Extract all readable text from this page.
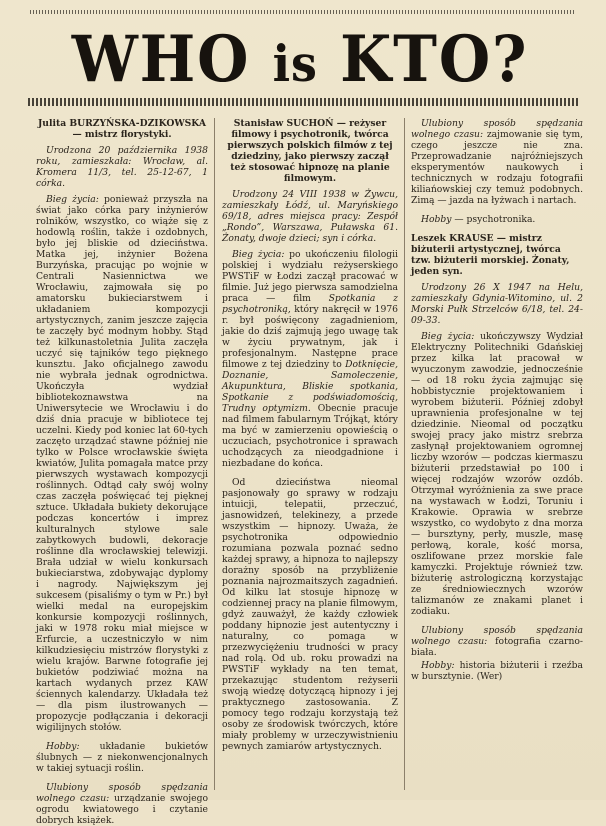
WHO is KTO?

Julita BURZYŃSKA-DZIKOWSKA — mistrz florystyki.

Urodzona 20 października 1938 roku, zamieszkała: Wrocław, al. Kromera 11/3, tel. 25-12-67, 1 córka.

Bieg życia: ponieważ przyszła na świat jako córka pary inżynierów rolników, wszystko, co wiąże się z hodowlą roślin, także i ozdobnych, było jej bliskie od dzieciństwa. Matka jej, inżynier Bożena Burzyńska, pracując po wojnie w Centrali Nasiennictwa we Wrocławiu, zajmowała się po amatorsku bukieciarstwem i układaniem kompozycji artystycznych, zanim jeszcze zajęcia te zaczęły być modnym hobby. Stąd też kilkunastoletnia Julita zaczęła uczyć się tajników tego pięknego kunsztu. Jako oficjalnego zawodu nie wybrała jednak ogrodnictwa. Ukończyła wydział bibliotekoznawstwa na Uniwersytecie we Wrocławiu i do dziś dnia pracuje w bibliotece tej uczelni. Kiedy pod koniec lat 60-tych zaczęto urządzać stawne później nie tylko w Polsce wrocławskie święta kwiatów, Julita pomagała matce przy pierwszych wystawach kompozycji roślinnych. Odtąd cały swój wolny czas zaczęła poświęcać tej pięknej sztuce. Układała bukiety dekorujące podczas koncertów i imprez kulturalnych stylowe sale zabytkowych budowli, dekoracje roślinne dla wrocławskiej telewizji. Brała udział w wielu konkursach bukieciarstwa, zdobywając dyplomy i nagrody. Największym jej sukcesem (pisaliśmy o tym w Pr.) był wielki medal na europejskim konkursie kompozycji roślinnych, jaki w 1978 roku miał miejsce w Erfurcie, a uczestniczyło w nim kilkudziesięciu mistrzów florystyki z wielu krajów. Barwne fotografie jej bukietów podziwiać można na kartach wydanych przez KAW ściennych kalendarzy. Układała też — dla pism ilustrowanych — propozycje podłączania i dekoracji wigilijnych stołów.

Hobby: układanie bukietów ślubnych — z niekonwencjonalnych w takiej sytuacji roślin.

Ulubiony sposób spędzania wolnego czasu: urządzanie swojego ogrodu kwiatowego i czytanie dobrych książek.

Stanisław SUCHOŃ — reżyser filmowy i psychotronik, twórca pierwszych polskich filmów z tej dziedziny, jako pierwszy zaczął też stosować hipnozę na planie filmowym.

Urodzony 24 VIII 1938 w Żywcu, zamieszkały Łódź, ul. Maryńskiego 69/18, adres miejsca pracy: Zespół „Rondo”, Warszawa, Puławska 61. Żonaty, dwoje dzieci; syn i córka.

Bieg życia: po ukończeniu filologii polskiej i wydziału reżyserskiego PWSTiF w Łodzi zaczął pracować w filmie. Już jego pierwsza samodzielna praca — film Spotkania z psychotroniką, który nakręcił w 1976 r. był poświęcony zagadnieniom, jakie do dziś zajmują jego uwagę tak w życiu prywatnym, jak i profesjonalnym. Następne prace filmowe z tej dziedziny to Dotknięcie, Doznanie, Samoleczenie, Akupunktura, Bliskie spotkania, Spotkanie z podświadomością, Trudny optymizm. Obecnie pracuje nad filmem fabularnym Trójkąt, który ma być w zamierzeniu opowieścią o uczuciach, psychotronice i sprawach uchodzących za nieodgadnione i niezbadane do końca.

Od dzieciństwa nieomal pasjonowały go sprawy w rodzaju intuicji, telepatii, przeczuć, jasnowidzeń, telekinezy, a przede wszystkim — hipnozy. Uważa, że psychotronika odpowiednio rozumiana pozwala poznać sedno każdej sprawy, a hipnoza to najlepszy dorażny sposób na przybliżenie poznania najrozmaitszych zagadnień. Od kilku lat stosuje hipnozę w codziennej pracy na planie filmowym, gdyż zauważył, że każdy człowiek poddany hipnozie jest autentyczny i naturalny, co pomaga w przezwyciężeniu trudności w pracy nad rolą. Od ub. roku prowadzi na PWSTiF wykłady na ten temat, przekazując studentom reżyserii swoją wiedzę dotyczącą hipnozy i jej praktycznego zastosowania. Z pomocy tego rodzaju korzystają też osoby ze środowisk twórczych, które miały problemy w urzeczywistnieniu pewnych zamiarów artystycznych.

Ulubiony sposób spędzania wolnego czasu: zajmowanie się tym, czego jeszcze nie zna. Przeprowadzanie najróżniejszych eksperymentów naukowych i technicznych w rodzaju fotografii kiliańowskiej czy temuż podobnych. Zimą — jazda na łyżwach i nartach.

Hobby — psychotronika.

Leszek KRAUSE — mistrz biżuterii artystycznej, twórca tzw. biżuterii morskiej. Żonaty, jeden syn.

Urodzony 26 X 1947 na Helu, zamieszkały Gdynia-Witomino, ul. 2 Morski Pułk Strzelców 6/18, tel. 24-09-33.

Bieg życia: ukończywszy Wydział Elektryczny Politechniki Gdańskiej przez kilka lat pracował w wyuczonym zawodzie, jednocześnie — od 18 roku życia zajmując się hobbistycznie projektowaniem i wyrobem biżuterii. Później zdobył uprawnienia profesjonalne w tej dziedzinie. Nieomal od początku swojej pracy jako mistrz srebrza zasłynął projektowaniem ogromnej liczby wzorów — podczas kiermaszu biżuterii przedstawiał po 100 i więcej rodzajów wzorów ozdób. Otrzymał wyróżnienia za swe prace na wystawach w Łodzi, Toruniu i Krakowie. Oprawia w srebrze wszystko, co wydobyto z dna morza — bursztyny, perły, muszle, masę perłową, korale, kość morsa, oszlifowane przez morskie fale kamyczki. Projektuje również tzw. biżuterię astrologiczną korzystając ze średniowiecznych wzorów talizmanów ze znakami planet i zodiaku.

Ulubiony sposób spędzania wolnego czasu: fotografia czarno-biała.

Hobby: historia biżuterii i rzeźba w bursztynie. (Wer)
